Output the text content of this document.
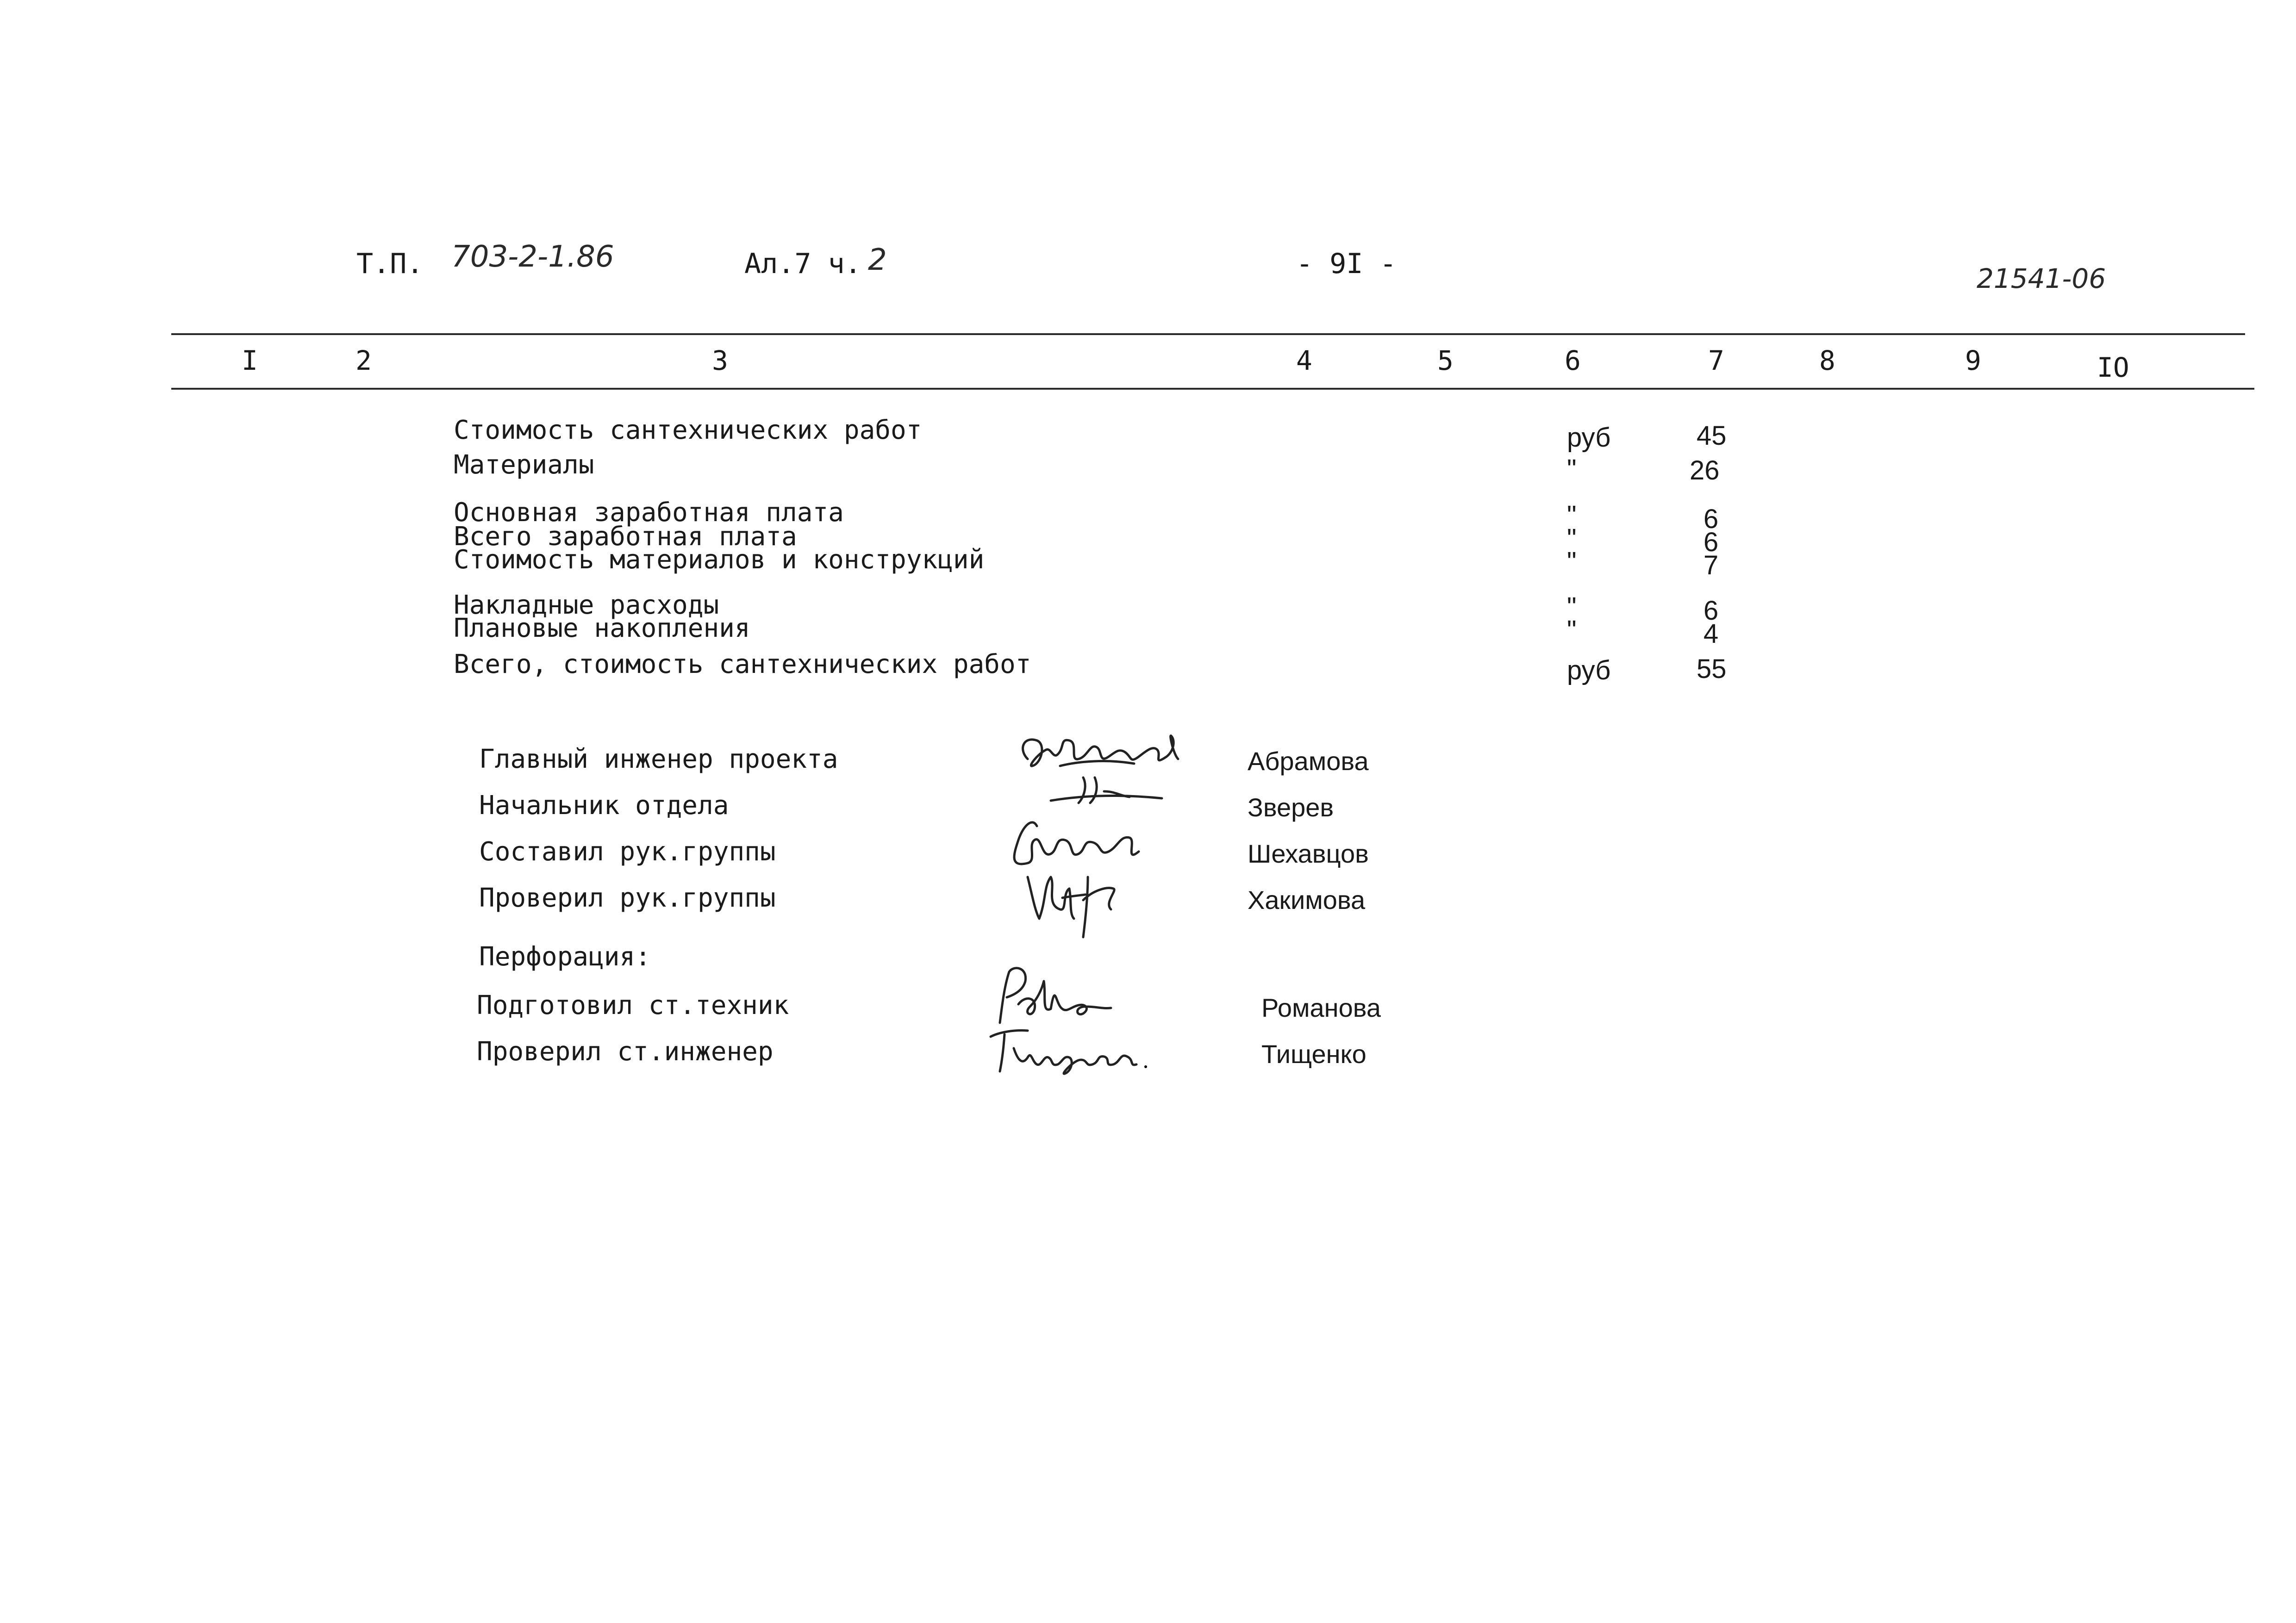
Т.П. 703-2-1.86	Ал.7 ч. 2	- 9I -	21541-06
I	2	3	4	5	6	7	8	9	IO
Стоимость сантехнических работ	руб	45
Материалы	"	26
Основная заработная плата	"	6
Всего заработная плата	"	6
Стоимость материалов и конструкций	"	7
Накладные расходы	"	6
Плановые накопления	"	4
Всего, стоимость сантехнических работ	руб	55
Главный инженер проекта	Абрамова
Начальник отдела	Зверев
Составил рук.группы	Шехавцов
Проверил рук.группы	Хакимова
Перфорация:
Подготовил ст.техник	Романова
Проверил ст.инженер	Тищенко
